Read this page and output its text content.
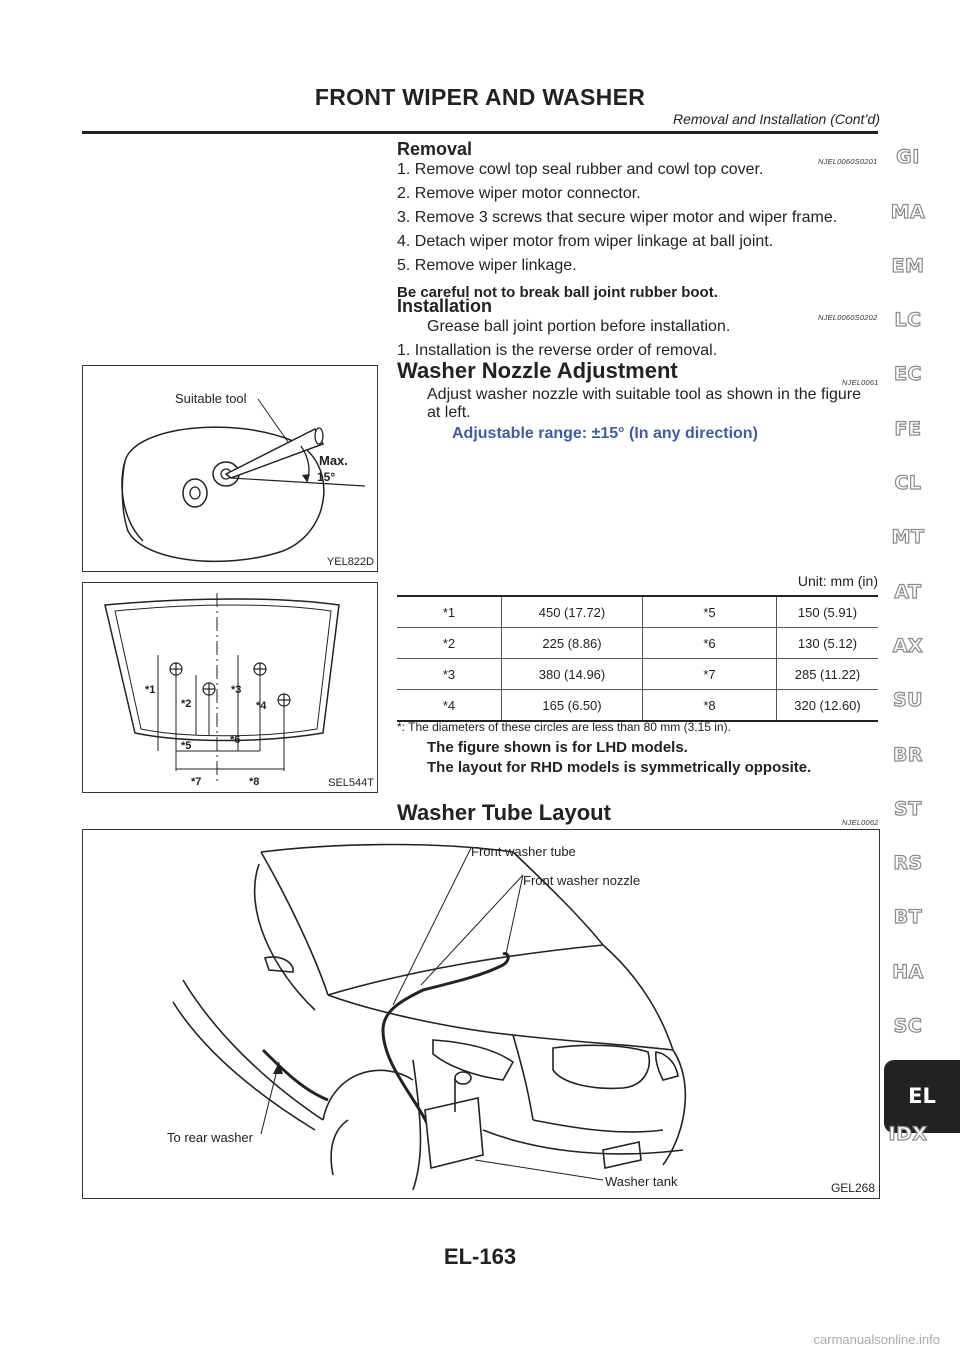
FRONT WIPER AND WASHER
Removal and Installation (Cont’d)
Removal
NJEL0060S0201
1. Remove cowl top seal rubber and cowl top cover.
2. Remove wiper motor connector.
3. Remove 3 screws that secure wiper motor and wiper frame.
4. Detach wiper motor from wiper linkage at ball joint.
5. Remove wiper linkage.
Be careful not to break ball joint rubber boot.
Installation
NJEL0060S0202
Grease ball joint portion before installation.
1. Installation is the reverse order of removal.
Suitable tool
Max.
15°
YEL822D
Washer Nozzle Adjustment	NJEL0061
Adjust washer nozzle with suitable tool as shown in the figure
at left.
Adjustable range: ±15° (In any direction)
*1
*2
*3
*4
*5	*6
*7	*8	SEL544T
Unit: mm (in)
*1	450 (17.72)	*5	150 (5.91)
*2	225 (8.86)	*6	130 (5.12)
*3	380 (14.96)	*7	285 (11.22)
*4	165 (6.50)	*8	320 (12.60)
*: The diameters of these circles are less than 80 mm (3.15 in).
The figure shown is for LHD models.
The layout for RHD models is symmetrically opposite.
Washer Tube Layout	NJEL0062
Front washer tube
Front washer nozzle
To rear washer
Washer tank	GEL268
GI
MA
EM
LC
EC
FE
CL
MT
AT
AX
SU
BR
ST
RS
BT
HA
SC
EL
IDX
EL-163
carmanualsonline.info
